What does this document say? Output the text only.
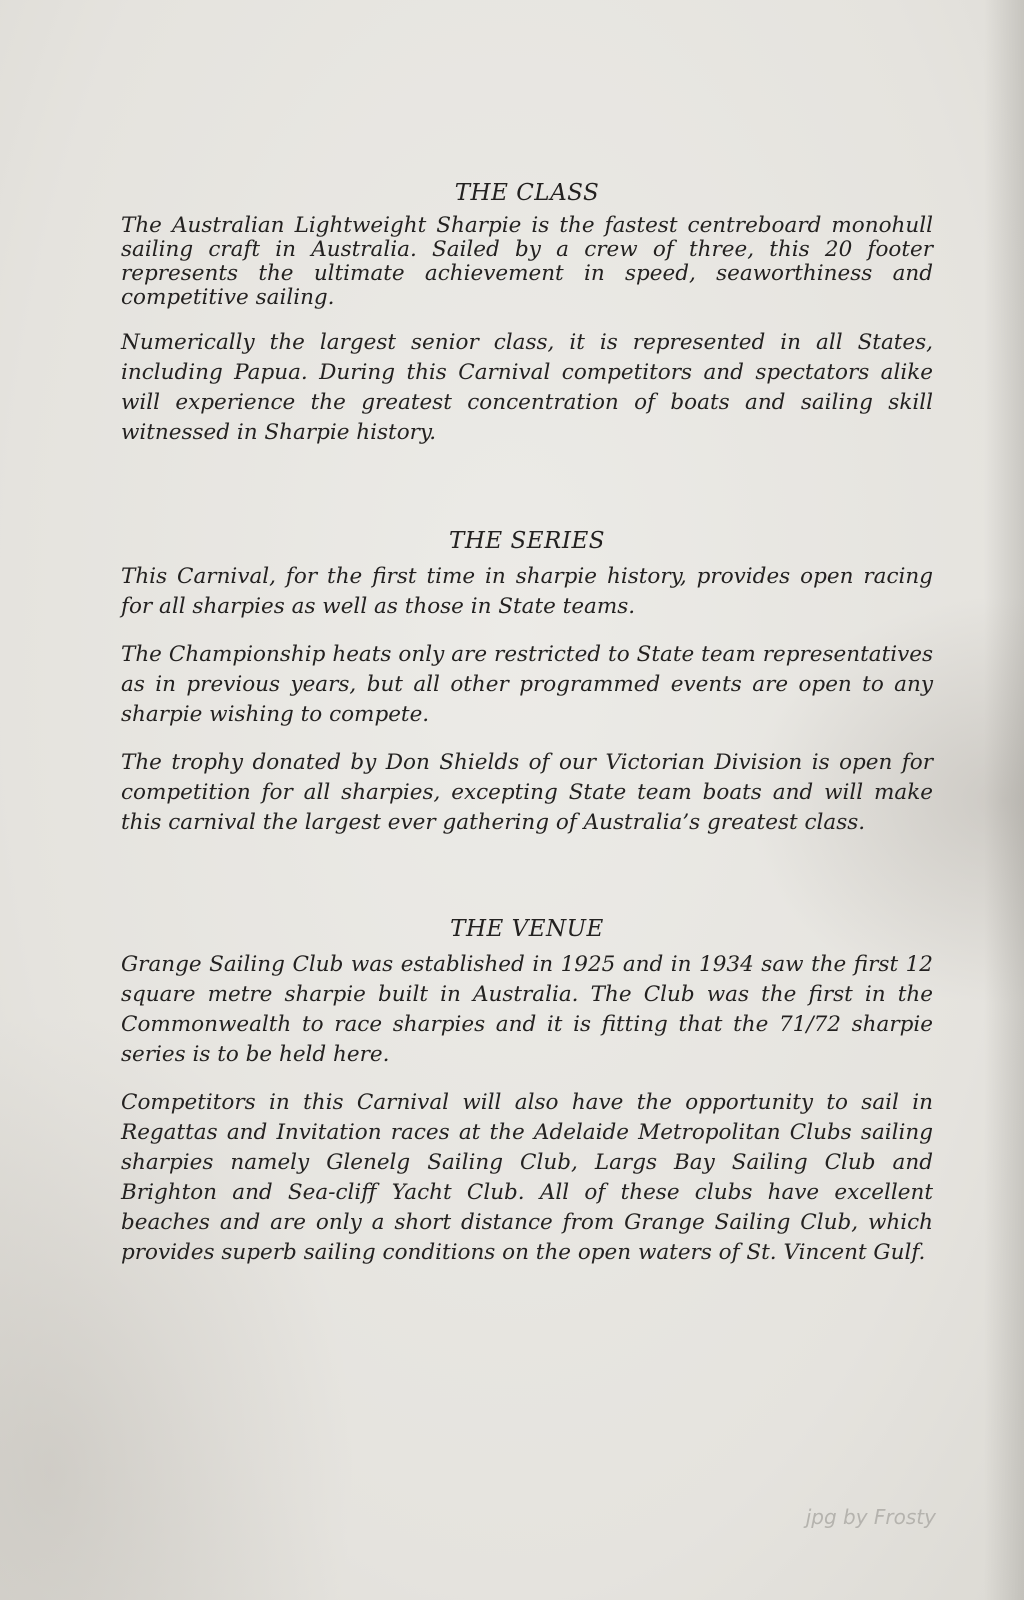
THE CLASS

The Australian Lightweight Sharpie is the fastest centreboard monohull sailing craft in Australia. Sailed by a crew of three, this 20 footer represents the ultimate achievement in speed, seaworthiness and competitive sailing.

Numerically the largest senior class, it is represented in all States, including Papua. During this Carnival competitors and spectators alike will experience the greatest concentration of boats and sailing skill witnessed in Sharpie history.

THE SERIES

This Carnival, for the first time in sharpie history, provides open racing for all sharpies as well as those in State teams.

The Championship heats only are restricted to State team representatives as in previous years, but all other programmed events are open to any sharpie wishing to compete.

The trophy donated by Don Shields of our Victorian Division is open for competition for all sharpies, excepting State team boats and will make this carnival the largest ever gathering of Australia’s greatest class.

THE VENUE

Grange Sailing Club was established in 1925 and in 1934 saw the first 12 square metre sharpie built in Australia. The Club was the first in the Commonwealth to race sharpies and it is fitting that the 71/72 sharpie series is to be held here.

Competitors in this Carnival will also have the opportunity to sail in Regattas and Invitation races at the Adelaide Metropolitan Clubs sailing sharpies namely Glenelg Sailing Club, Largs Bay Sailing Club and Brighton and Sea-cliff Yacht Club. All of these clubs have excellent beaches and are only a short distance from Grange Sailing Club, which provides superb sailing conditions on the open waters of St. Vincent Gulf.

jpg by Frosty
